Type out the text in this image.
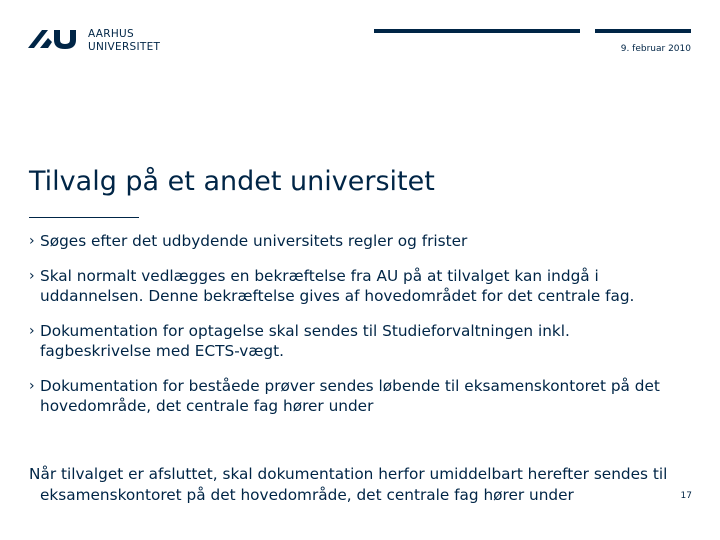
AARHUS
UNIVERSITET	9. februar 2010
Tilvalg på et andet universitet
› Søges efter det udbydende universitets regler og frister
› Skal normalt vedlægges en bekræftelse fra AU på at tilvalget kan indgå i
uddannelsen. Denne bekræftelse gives af hovedområdet for det centrale fag.
› Dokumentation for optagelse skal sendes til Studieforvaltningen inkl.
fagbeskrivelse med ECTS-vægt.
› Dokumentation for beståede prøver sendes løbende til eksamenskontoret på det
hovedområde, det centrale fag hører under
Når tilvalget er afsluttet, skal dokumentation herfor umiddelbart herefter sendes til
eksamenskontoret på det hovedområde, det centrale fag hører under	17
